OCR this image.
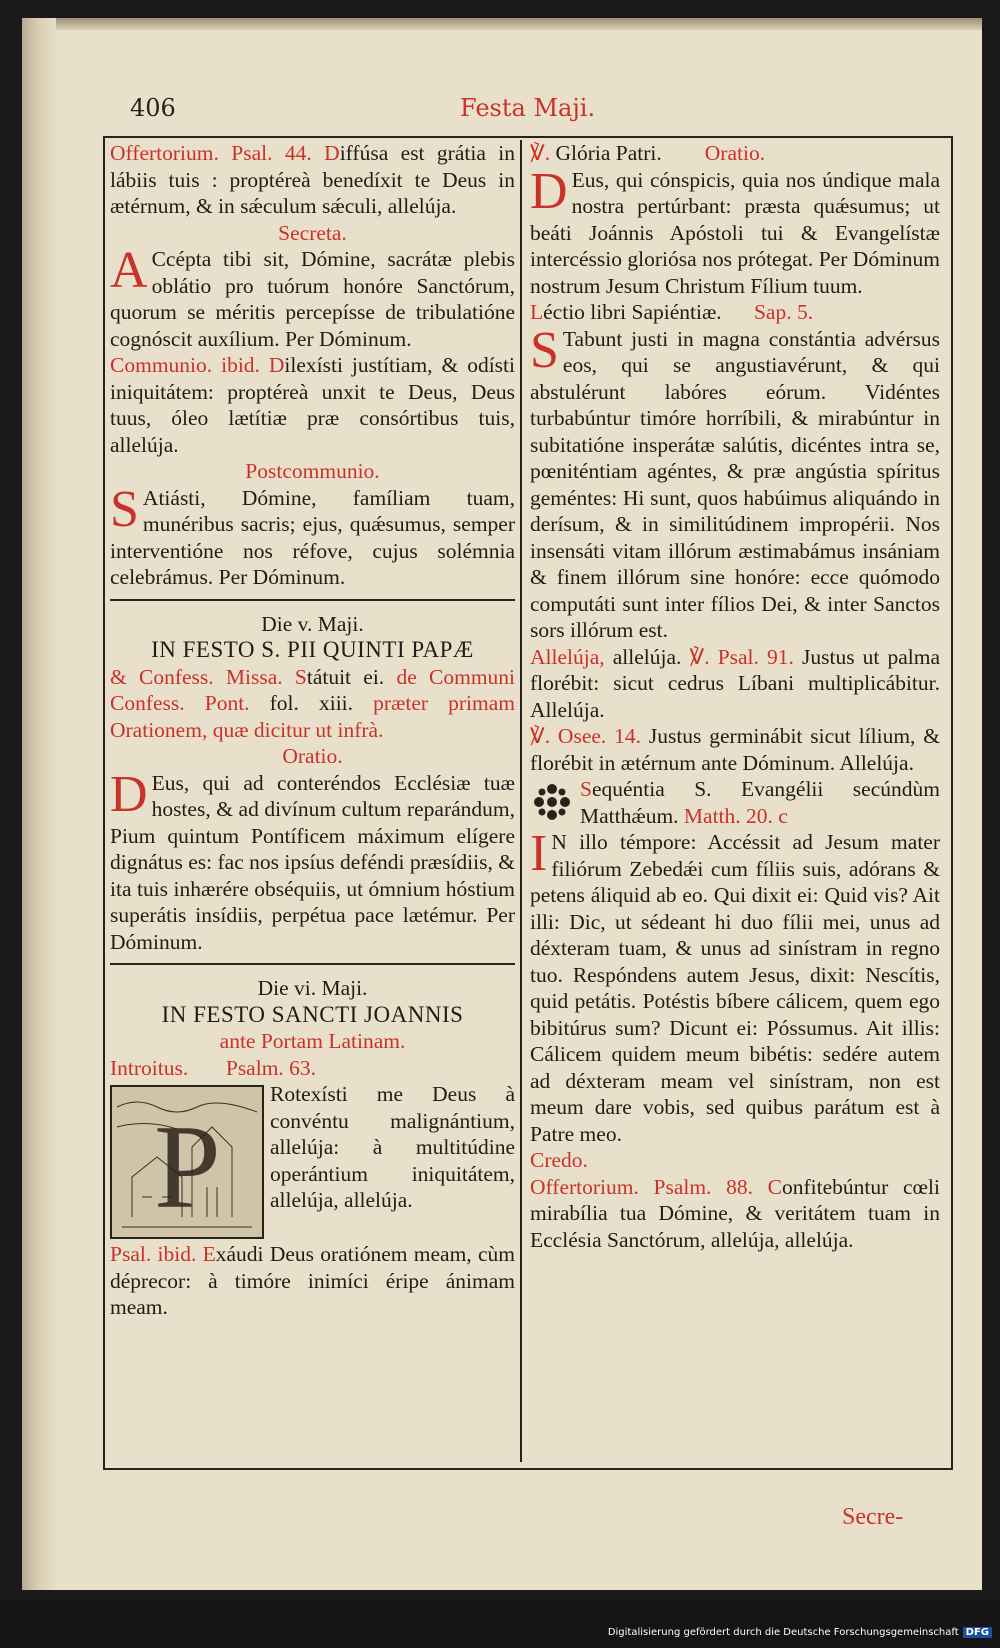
406	Festa Maji.

Offertorium. Psal. 44. Diffúsa est grátia in lábiis tuis : proptéreà benedíxit te Deus in ætérnum, & in sǽculum sǽculi, allelúja.

Secreta.

A Ccépta tibi sit, Dómine, sacrátæ plebis oblátio pro tuórum honóre Sanctórum, quorum se méritis percepísse de tribulatióne cognóscit auxílium. Per Dóminum.

Communio. ibid. Dilexísti justítiam, & odísti iniquitátem: proptéreà unxit te Deus, Deus tuus, óleo lætítiæ præ consórtibus tuis, allelúja.

Postcommunio.

S Atiásti, Dómine, famíliam tuam, munéribus sacris; ejus, quǽsumus, semper interventióne nos réfove, cujus solémnia celebrámus. Per Dóminum.

Die v. Maji.

IN FESTO S. PII QUINTI PAPÆ

& Confess. Missa. Státuit ei. de Communi Confess. Pont. fol. xiii. præter primam Orationem, quæ dicitur ut infrà.

Oratio.

D Eus, qui ad conteréndos Ecclésiæ tuæ hostes, & ad divínum cultum reparándum, Pium quintum Pontíficem máximum elígere dignátus es: fac nos ipsíus deféndi præsídiis, & ita tuis inhærére obséquiis, ut ómnium hóstium superátis insídiis, perpétua pace lætémur. Per Dóminum.

Die vi. Maji.

IN FESTO SANCTI JOANNIS

ante Portam Latinam.

Introitus. Psalm. 63.

P

Rotexísti me Deus à convéntu malignántium, allelúja: à multitúdine operántium iniquitátem, allelúja, allelúja.

Psal. ibid. Exáudi Deus oratiónem meam, cùm déprecor: à timóre inimíci éripe ánimam meam.

℣. Glória Patri. Oratio.

D Eus, qui cónspicis, quia nos úndique mala nostra pertúrbant: præsta quǽsumus; ut beáti Joánnis Apóstoli tui & Evangelístæ intercéssio gloriósa nos prótegat. Per Dóminum nostrum Jesum Christum Fílium tuum.

Léctio libri Sapiéntiæ. Sap. 5.

S Tabunt justi in magna constántia advérsus eos, qui se angustiavérunt, & qui abstulérunt labóres eórum. Vidéntes turbabúntur timóre horríbili, & mirabúntur in subitatióne insperátæ salútis, dicéntes intra se, pœniténtiam agéntes, & præ angústia spíritus geméntes: Hi sunt, quos habúimus aliquándo in derísum, & in similitúdinem impropérii. Nos insensáti vitam illórum æstimabámus insániam & finem illórum sine honóre: ecce quómodo computáti sunt inter fílios Dei, & inter Sanctos sors illórum est.

Allelúja, allelúja. ℣. Psal. 91. Justus ut palma florébit: sicut cedrus Líbani multiplicábitur. Allelúja.

℣. Osee. 14. Justus germinábit sicut lílium, & florébit in ætérnum ante Dóminum. Allelúja.

Sequéntia S. Evangélii secúndùm Matthǽum. Matth. 20. c

I N illo témpore: Accéssit ad Jesum mater filiórum Zebedǽi cum fíliis suis, adórans & petens áliquid ab eo. Qui dixit ei: Quid vis? Ait illi: Dic, ut sédeant hi duo fílii mei, unus ad déxteram tuam, & unus ad sinístram in regno tuo. Respóndens autem Jesus, dixit: Nescítis, quid petátis. Potéstis bíbere cálicem, quem ego bibitúrus sum? Dicunt ei: Póssumus. Ait illis: Cálicem quidem meum bibétis: sedére autem ad déxteram meam vel sinístram, non est meum dare vobis, sed quibus parátum est à Patre meo.

Credo.

Offertorium. Psalm. 88. Confitebúntur cœli mirabília tua Dómine, & veritátem tuam in Ecclésia Sanctórum, allelúja, allelúja.

Secre-
Digitalisierung gefördert durch die Deutsche Forschungsgemeinschaft DFG
